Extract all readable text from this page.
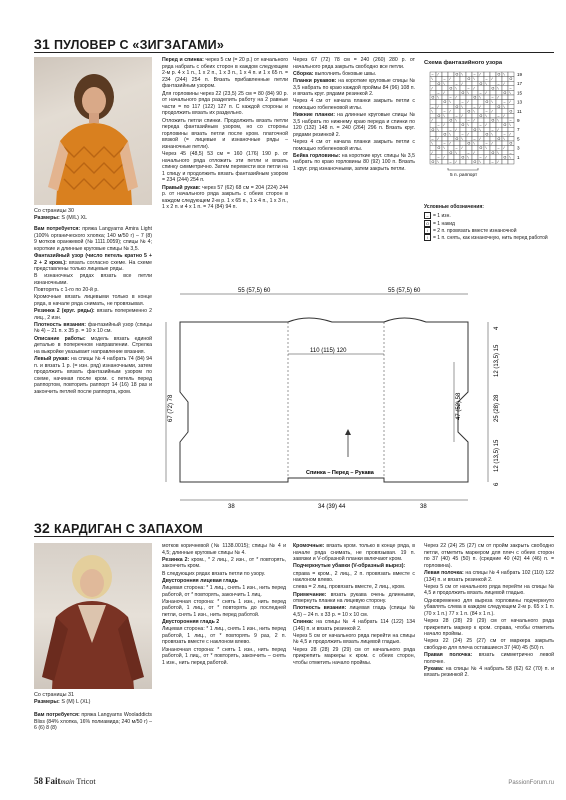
31 ПУЛОВЕР С «ЗИГЗАГАМИ»
Со страницы 30
Размеры: S (M/L) XL

Вам потребуется: пряжа Langyarns Amira Light (100% органического хлопка; 140 м/50 г) – 7 (8) 9 мотков оранжевой (№ 1111.0059); спицы № 4; короткие и длинные круговые спицы № 3,5.

Фантазийный узор (число петель кратно 5 + 2 + 2 кром.): вязать согласно схеме. На схеме представлены только лицевые ряды.

В изнаночных рядах вязать все петли изнаночными.

Повторять с 1-го по 20-й р.

Кромочные вязать лицевыми только в конце ряда, в начале ряда снимать, не провязывая.

Резинка 2 (круг. ряды): вязать попеременно 2 лиц., 2 изн.

Плотность вязания: фантазийный узор (спицы № 4) – 21 п. x 35 р. = 10 x 10 см.

Описание работы: модель вязать единой деталью в поперечном направлении. Стрелка на выкройке указывает направление вязания.

Левый рукав: на спицы № 4 набрать 74 (84) 94 п. и вязать 1 р. (= изн. ряд) изнаночными, затем продолжить вязать фантазийным узором по схеме, начиная после кром. с петель перед раппортом, повторить раппорт 14 (16) 18 раз и закончить петлей после раппорта, кром.

Перед и спинка: через 5 см (= 20 р.) от начального ряда набрать с обеих сторон в каждом следующем 2-м р. 4 x 1 п., 1 x 2 п., 1 x 3 п., 1 x 4 п. и 1 x 65 п. = 234 (244) 254 п. Вязать прибавленные петли фантазийным узором.

Для горловины через 22 (23,5) 25 см = 80 (84) 90 р. от начального ряда разделить работу на 2 равные части = по 117 (122) 127 п. С каждой стороны и продолжить вязать их раздельно.

Отложить петли спинки. Продолжить вязать петли переда фантазийным узором, но со стороны горловины вязать петли после кром. платочной вязкой (= лицевые и изнаночные ряды – изнаночные петли).

Через 45 (48,5) 53 см = 160 (176) 190 р. от начального ряда отложить эти петли и вязать спинку симметрично. Затем перевести все петли на 1 спицу и продолжить вязать фантазийным узором = 234 (244) 254 п.

Правый рукав: через 57 (62) 68 см = 204 (224) 244 р. от начального ряда закрыть с обеих сторон в каждом следующем 2-м р. 1 x 65 п., 1 x 4 п., 1 x 3 п., 1 x 2 п. и 4 x 1 п. = 74 (84) 94 п.

Через 67 (72) 78 см = 240 (260) 280 р. от начального ряда закрыть свободно все петли.

Сборка: выполнить боковые швы.

Планки рукавов: на короткие круговые спицы № 3,5 набрать по краю каждой проймы 84 (96) 108 п. и вязать круг. рядами резинкой 2.

Через 4 см от начала планки закрыть петли с помощью гобеленовой иглы.

Нижние планки: на длинные круговые спицы № 3,5 набрать по нижнему краю переда и спинки по 120 (132) 148 п. = 240 (264) 296 п. Вязать круг. рядами резинкой 2.

Через 4 см от начала планки закрыть петли с помощью гобеленовой иглы.

Бейка горловины: на короткие круг. спицы № 3,5 набрать по краю горловины 80 (92) 100 п. Вязать 1 круг. ряд изнаночными, затем закрыть петли.

Схема фантазийного узора
– /	O \	– /	O \
\	– /	O \	– /	O
O \	– /	O \	– /
/	O \	– /	O \	–
– /	O \	– /	O \
O \	– /	O \	– /
O \	– /	O \	– /
– /	O \	– /	O \
\	– /	O \	– /	O
O \	– /	O \	– /
/	O \	– /	O \	–
– /	O \	– /	O \
O \	– /	O \	– /
O \	– /	O \	– /
– /	O \	– /	O \
\	– /	O \	– /	O
O \	– /	O \	– /
/	O \	– /	O \	–
– /	O \	– /	O \
O \	– /	O \	– /
19
17
15
13
11
9
7
5
3
1
5 п. раппорт
Условные обозначения:
– = 1 изн.
O = 1 накид
/ = 2 п. провязать вместе изнаночной
\ = 1 п. снять, как изнаночную, нить перед работой
55 (57,5) 60	55 (57,5) 60
110 (115) 120
67 (72) 78	47 (52) 58	25 (28) 28
12 (13,5) 15
12 (13,5) 15
4
6
38	34 (39) 44	38
Спинка – Перед – Рукава
32 КАРДИГАН С ЗАПАХОМ
Со страницы 31
Размеры: S (M) L (XL)

Вам потребуется: пряжа Langyarns Wooladdicts Bliss (84% хлопка, 16% полиамида; 240 м/50 г) – 6 (6) 8 (8)

мотков коричневой (№ 1138.0015); спицы № 4 и 4,5; длинные круговые спицы № 4.

Резинка 2: кром., * 2 лиц., 2 изн., от * повторять, закончить кром.

В следующих рядах вязать петли по узору.

Двусторонняя лицевая гладь

Лицевая сторона: * 1 лиц., снять 1 изн., нить перед работой, от * повторять, закончить 1 лиц.

Изнаночная сторона: * снять 1 изн., нить перед работой, 1 лиц., от * повторять до последней петли, снять 1 изн., нить перед работой.

Двусторонняя гладь 2

Лицевая сторона: * 1 лиц., снять 1 изн., нить перед работой, 1 лиц., от * повторять 9 раз, 2 п. провязать вместе с наклоном влево.

Изнаночная сторона: * снять 1 изн., нить перед работой, 1 лиц., от * повторять, закончить – снять 1 изн., нить перед работой.

Кромочные: вязать кром. только в конце ряда, в начале ряда снимать, не провязывая. 19 п. завязки и V-образной планки включают кром.

Подчеркнутые убавки (V-образный вырез):

справа = кром., 2 лиц., 2 п. провязать вместе с наклоном влево.

слева = 2 лиц. провязать вместе, 2 лиц., кром.

Примечание: вязать рукава очень длинными, отвернуть планки на лицевую сторону.

Плотность вязания: лицевая гладь (спицы № 4,5) – 24 п. x 33 р. = 10 x 10 см.

Спинка: на спицы № 4 набрать 114 (122) 134 (146) п. и вязать резинкой 2.

Через 5 см от начального ряда перейти на спицы № 4,5 и продолжить вязать лицевой гладью.

Через 28 (28) 29 (29) см от начального ряда прикрепить маркеры к кром. с обеих сторон, чтобы отметить начало проймы.

Через 22 (24) 25 (27) см от пройм закрыть свободно петли, отметить маркером для плеч с обеих сторон по 37 (40) 45 (50) п. (средние 40 (42) 44 (46) п. = горловина).

Левая полочка: на спицы № 4 набрать 102 (110) 122 (134) п. и вязать резинкой 2.

Через 5 см от начального ряда перейти на спицы № 4,5 и продолжить вязать лицевой гладью.

Одновременно для выреза горловины подчеркнуто убавлять слева в каждом следующем 2-м р. 65 x 1 п. (70 x 1 п.) 77 x 1 п. (84 x 1 п.).

Через 28 (28) 29 (29) см от начального ряда прикрепить маркер к кром. справа, чтобы отметить начало проймы.

Через 22 (24) 25 (27) см от маркера закрыть свободно для плеча оставшиеся 37 (40) 45 (50) п.

Правая полочка: вязать симметрично левой полочке.

Рукава: на спицы № 4 набрать 58 (62) 62 (70) п. и вязать резинкой 2.

58 Faitmain Tricot	PassionForum.ru
